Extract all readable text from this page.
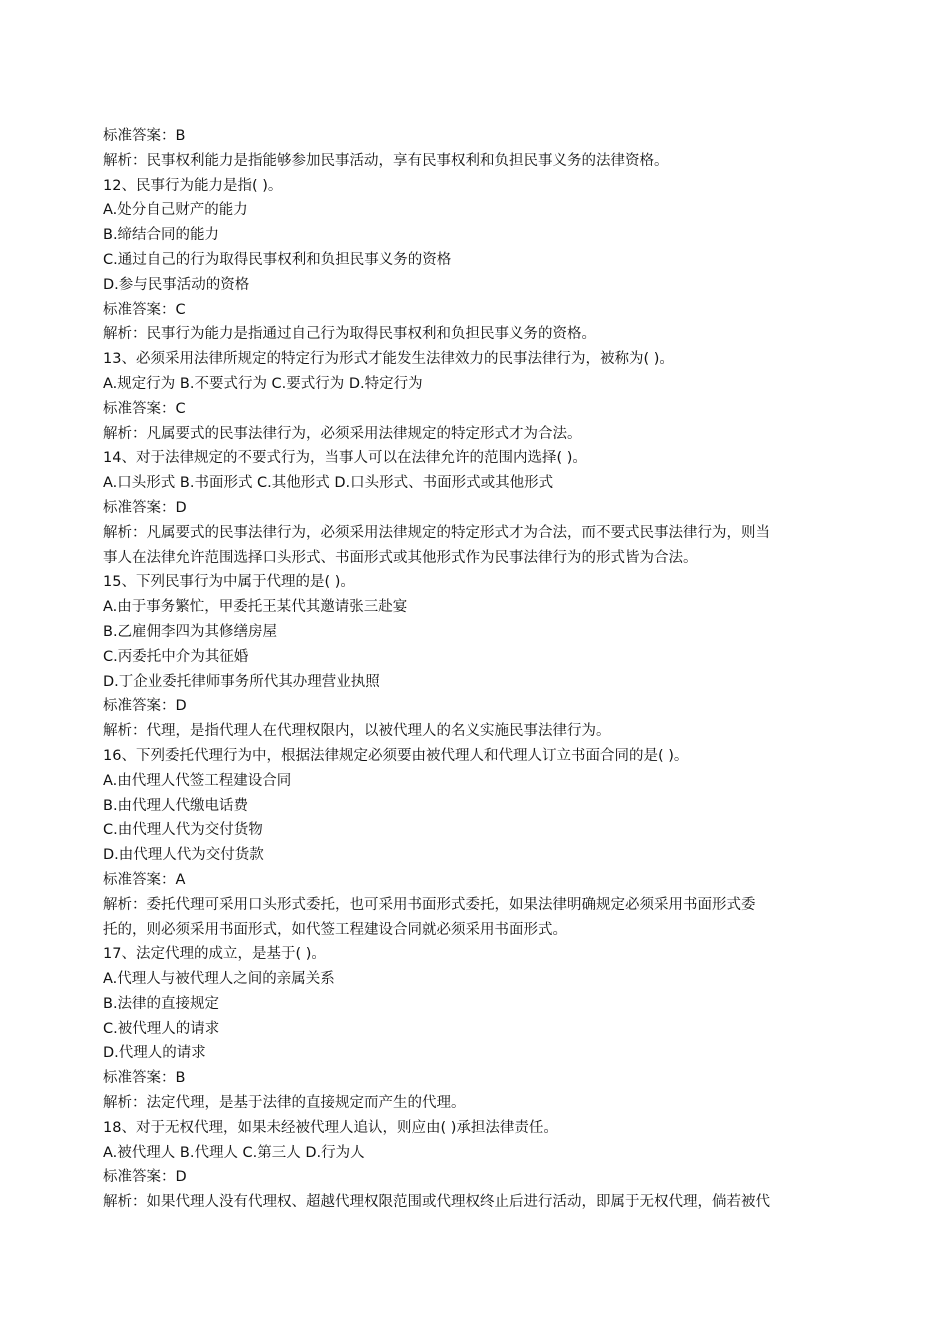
标准答案：B
解析：民事权利能力是指能够参加民事活动，享有民事权利和负担民事义务的法律资格。
12、民事行为能力是指( )。
A.处分自己财产的能力
B.缔结合同的能力
C.通过自己的行为取得民事权利和负担民事义务的资格
D.参与民事活动的资格
标准答案：C
解析：民事行为能力是指通过自己行为取得民事权利和负担民事义务的资格。
13、必须采用法律所规定的特定行为形式才能发生法律效力的民事法律行为，被称为( )。
A.规定行为 B.不要式行为 C.要式行为 D.特定行为
标准答案：C
解析：凡属要式的民事法律行为，必须采用法律规定的特定形式才为合法。
14、对于法律规定的不要式行为，当事人可以在法律允许的范围内选择( )。
A.口头形式 B.书面形式 C.其他形式 D.口头形式、书面形式或其他形式
标准答案：D
解析：凡属要式的民事法律行为，必须采用法律规定的特定形式才为合法，而不要式民事法律行为，则当
事人在法律允许范围选择口头形式、书面形式或其他形式作为民事法律行为的形式皆为合法。
15、下列民事行为中属于代理的是( )。
A.由于事务繁忙，甲委托王某代其邀请张三赴宴
B.乙雇佣李四为其修缮房屋
C.丙委托中介为其征婚
D.丁企业委托律师事务所代其办理营业执照
标准答案：D
解析：代理，是指代理人在代理权限内，以被代理人的名义实施民事法律行为。
16、下列委托代理行为中，根据法律规定必须要由被代理人和代理人订立书面合同的是( )。
A.由代理人代签工程建设合同
B.由代理人代缴电话费
C.由代理人代为交付货物
D.由代理人代为交付货款
标准答案：A
解析：委托代理可采用口头形式委托，也可采用书面形式委托，如果法律明确规定必须采用书面形式委
托的，则必须采用书面形式，如代签工程建设合同就必须采用书面形式。
17、法定代理的成立，是基于( )。
A.代理人与被代理人之间的亲属关系
B.法律的直接规定
C.被代理人的请求
D.代理人的请求
标准答案：B
解析：法定代理，是基于法律的直接规定而产生的代理。
18、对于无权代理，如果未经被代理人追认，则应由( )承担法律责任。
A.被代理人 B.代理人 C.第三人 D.行为人
标准答案：D
解析：如果代理人没有代理权、超越代理权限范围或代理权终止后进行活动，即属于无权代理，倘若被代
